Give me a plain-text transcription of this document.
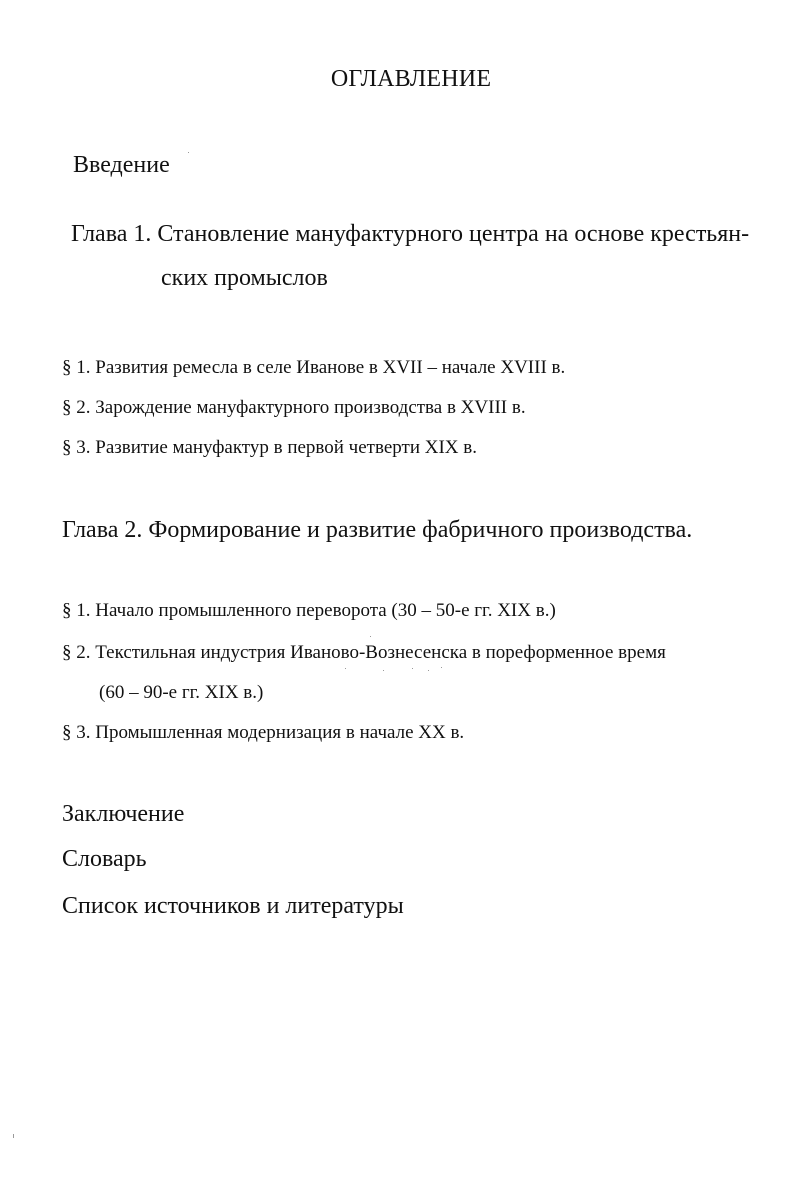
ОГЛАВЛЕНИЕ
Введение
Глава 1. Становление мануфактурного центра на основе крестьян-
ских промыслов
§ 1. Развития ремесла в селе Иванове в XVII – начале XVIII в.
§ 2. Зарождение мануфактурного производства в XVIII в.
§ 3. Развитие мануфактур в первой четверти XIX в.
Глава 2. Формирование и развитие фабричного производства.
§ 1. Начало промышленного переворота (30 – 50-е гг. XIX в.)
§ 2. Текстильная индустрия Иваново-Вознесенска в пореформенное время
(60 – 90-е гг. XIX в.)
§ 3. Промышленная модернизация в начале XX в.
Заключение
Словарь
Список источников и литературы
